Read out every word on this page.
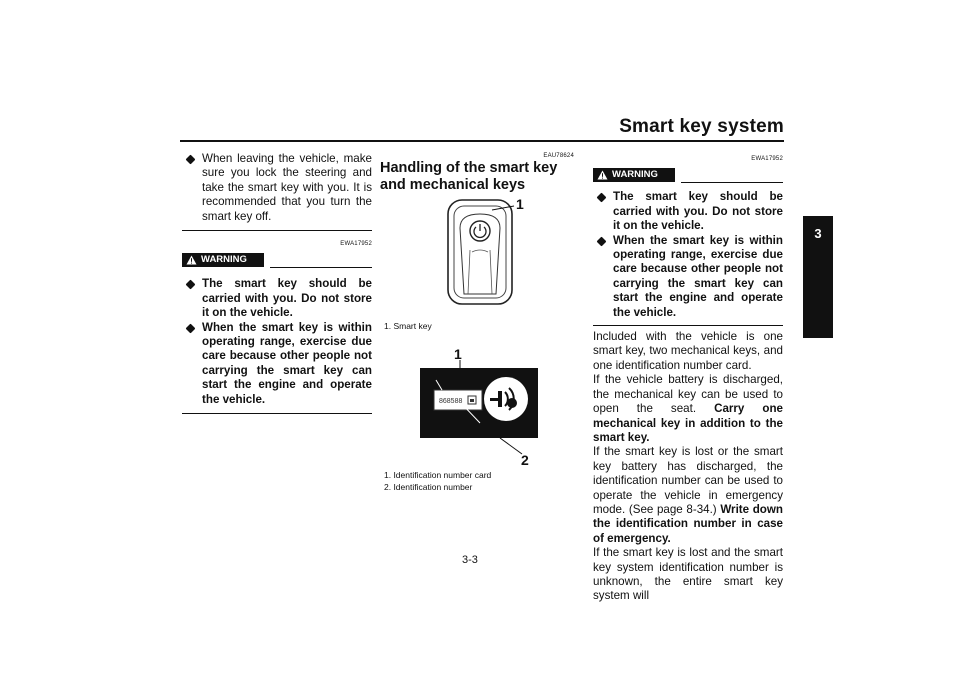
Smart key system
3
When leaving the vehicle, make sure you lock the steering and take the smart key with you. It is recommended that you turn the smart key off.
EWA17952
WARNING
The smart key should be carried with you. Do not store it on the vehicle.
When the smart key is within operating range, exercise due care because other people not carrying the smart key can start the engine and operate the vehicle.
EAU78624
Handling of the smart key and mechanical keys
1
1. Smart key
1
868588
2
1. Identification number card
2. Identification number
EWA17952
WARNING
The smart key should be carried with you. Do not store it on the vehicle.
When the smart key is within operating range, exercise due care because other people not carrying the smart key can start the engine and operate the vehicle.

Included with the vehicle is one smart key, two mechanical keys, and one identification number card.

If the vehicle battery is discharged, the mechanical key can be used to open the seat. Carry one mechanical key in addition to the smart key.

If the smart key is lost or the smart key battery has discharged, the identification number can be used to operate the vehicle in emergency mode. (See page 8-34.) Write down the identification number in case of emergency.

If the smart key is lost and the smart key system identification number is unknown, the entire smart key system will

3-3
